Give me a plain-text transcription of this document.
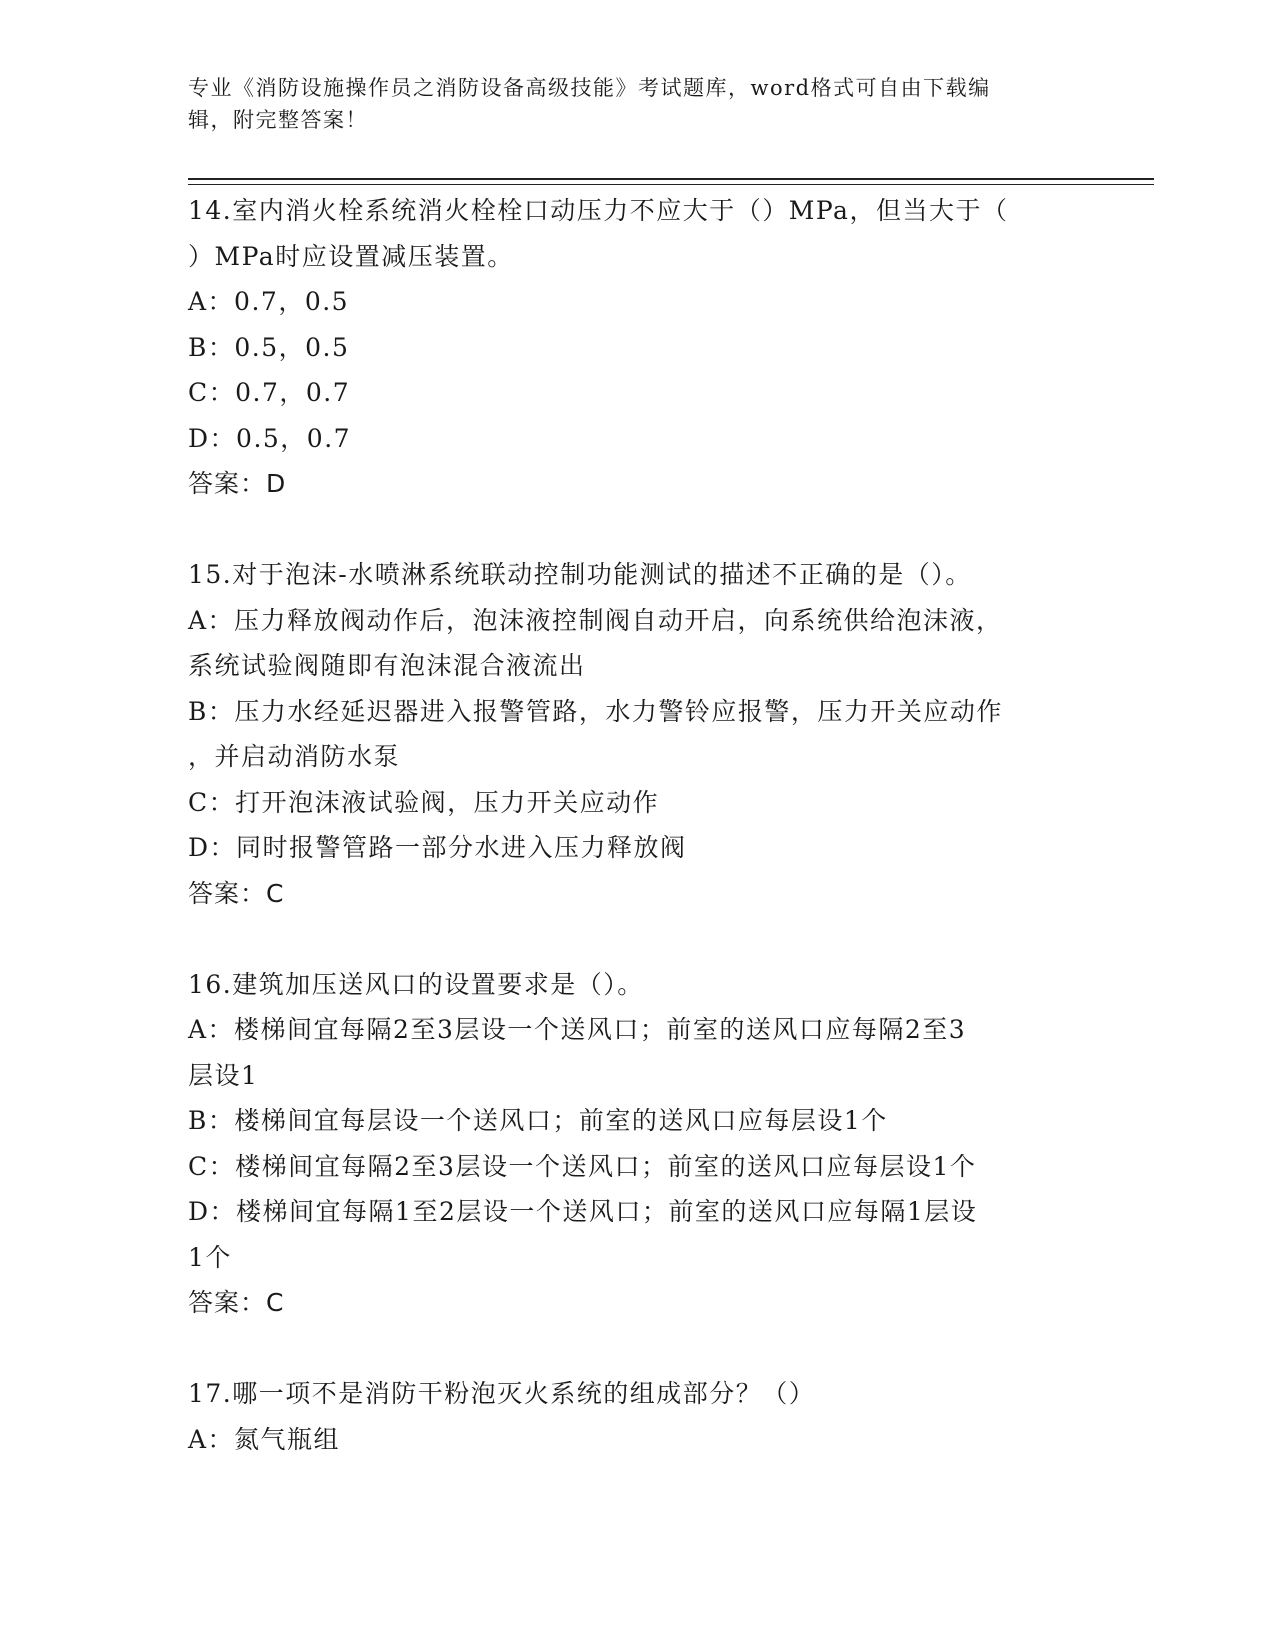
专业《消防设施操作员之消防设备高级技能》考试题库，word格式可自由下载编
辑，附完整答案！
14.室内消火栓系统消火栓栓口动压力不应大于（）MPa，但当大于（
）MPa时应设置减压装置。
A：0.7，0.5
B：0.5，0.5
C：0.7，0.7
D：0.5，0.7
答案：D
15.对于泡沫-水喷淋系统联动控制功能测试的描述不正确的是（）。
A：压力释放阀动作后，泡沫液控制阀自动开启，向系统供给泡沫液，
系统试验阀随即有泡沫混合液流出
B：压力水经延迟器进入报警管路，水力警铃应报警，压力开关应动作
，并启动消防水泵
C：打开泡沫液试验阀，压力开关应动作
D：同时报警管路一部分水进入压力释放阀
答案：C
16.建筑加压送风口的设置要求是（）。
A：楼梯间宜每隔2至3层设一个送风口；前室的送风口应每隔2至3
层设1
B：楼梯间宜每层设一个送风口；前室的送风口应每层设1个
C：楼梯间宜每隔2至3层设一个送风口；前室的送风口应每层设1个
D：楼梯间宜每隔1至2层设一个送风口；前室的送风口应每隔1层设
1个
答案：C
17.哪一项不是消防干粉泡灭火系统的组成部分？（）
A：氮气瓶组
